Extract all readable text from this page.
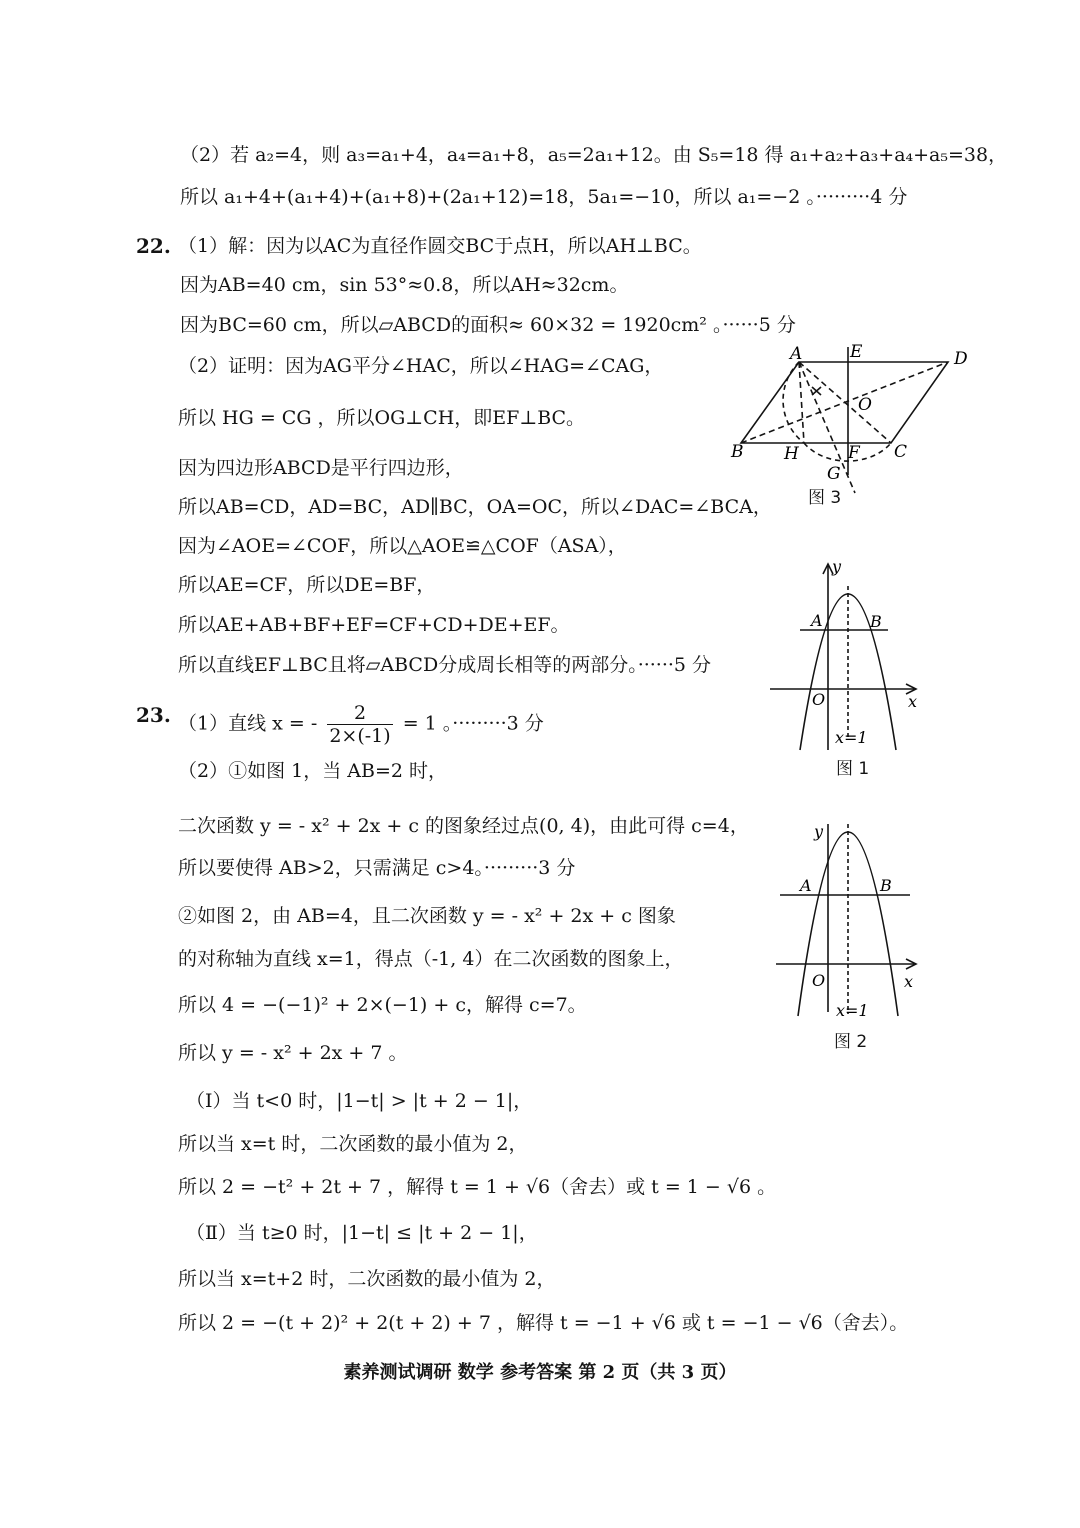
（2）若 a₂=4，则 a₃=a₁+4，a₄=a₁+8，a₅=2a₁+12。由 S₅=18 得 a₁+a₂+a₃+a₄+a₅=38，
所以 a₁+4+(a₁+4)+(a₁+8)+(2a₁+12)=18，5a₁=−10，所以 a₁=−2 。·········4 分
22. （1）解：因为以AC为直径作圆交BC于点H，所以AH⊥BC。
因为AB=40 cm，sin 53°≈0.8，所以AH≈32cm。
因为BC=60 cm，所以▱ABCD的面积≈ 60×32 = 1920cm² 。······5 分
（2）证明：因为AG平分∠HAC，所以∠HAG=∠CAG，
所以 HG = CG ，所以OG⊥CH，即EF⊥BC。
因为四边形ABCD是平行四边形，
所以AB=CD，AD=BC，AD∥BC，OA=OC，所以∠DAC=∠BCA，
因为∠AOE=∠COF，所以△AOE≌△COF（ASA），
所以AE=CF，所以DE=BF，
所以AE+AB+BF+EF=CF+CD+DE+EF。
所以直线EF⊥BC且将▱ABCD分成周长相等的两部分。······5 分
23. （1）直线 x = - $\frac{2}{2\times(-1)} = 1$ 。·········3 分
（2）①如图 1，当 AB=2 时，
二次函数 y = - x² + 2x + c 的图象经过点(0, 4)，由此可得 c=4，
所以要使得 AB>2，只需满足 c>4。·········3 分
②如图 2，由 AB=4，且二次函数 y = - x² + 2x + c 图象
的对称轴为直线 x=1，得点（-1, 4）在二次函数的图象上，
所以 4 = −(−1)² + 2×(−1) + c，解得 c=7。
所以 y = - x² + 2x + 7 。
（Ⅰ）当 t<0 时，|1−t| > |t + 2 − 1|，
所以当 x=t 时，二次函数的最小值为 2，
所以 2 = −t² + 2t + 7 ，解得 t = 1 + √6（舍去）或 t = 1 − √6 。
（Ⅱ）当 t≥0 时，|1−t| ≤ |t + 2 − 1|，
所以当 x=t+2 时，二次函数的最小值为 2，
所以 2 = −(t + 2)² + 2(t + 2) + 7 ，解得 t = −1 + √6 或 t = −1 − √6（舍去）。
A	E	D
O
B H	F C
G
图 3
y
x
O
A	B
x=1
图 1
y
x
O
A	B
x=1
图 2
素养测试调研 数学 参考答案 第 2 页（共 3 页）
